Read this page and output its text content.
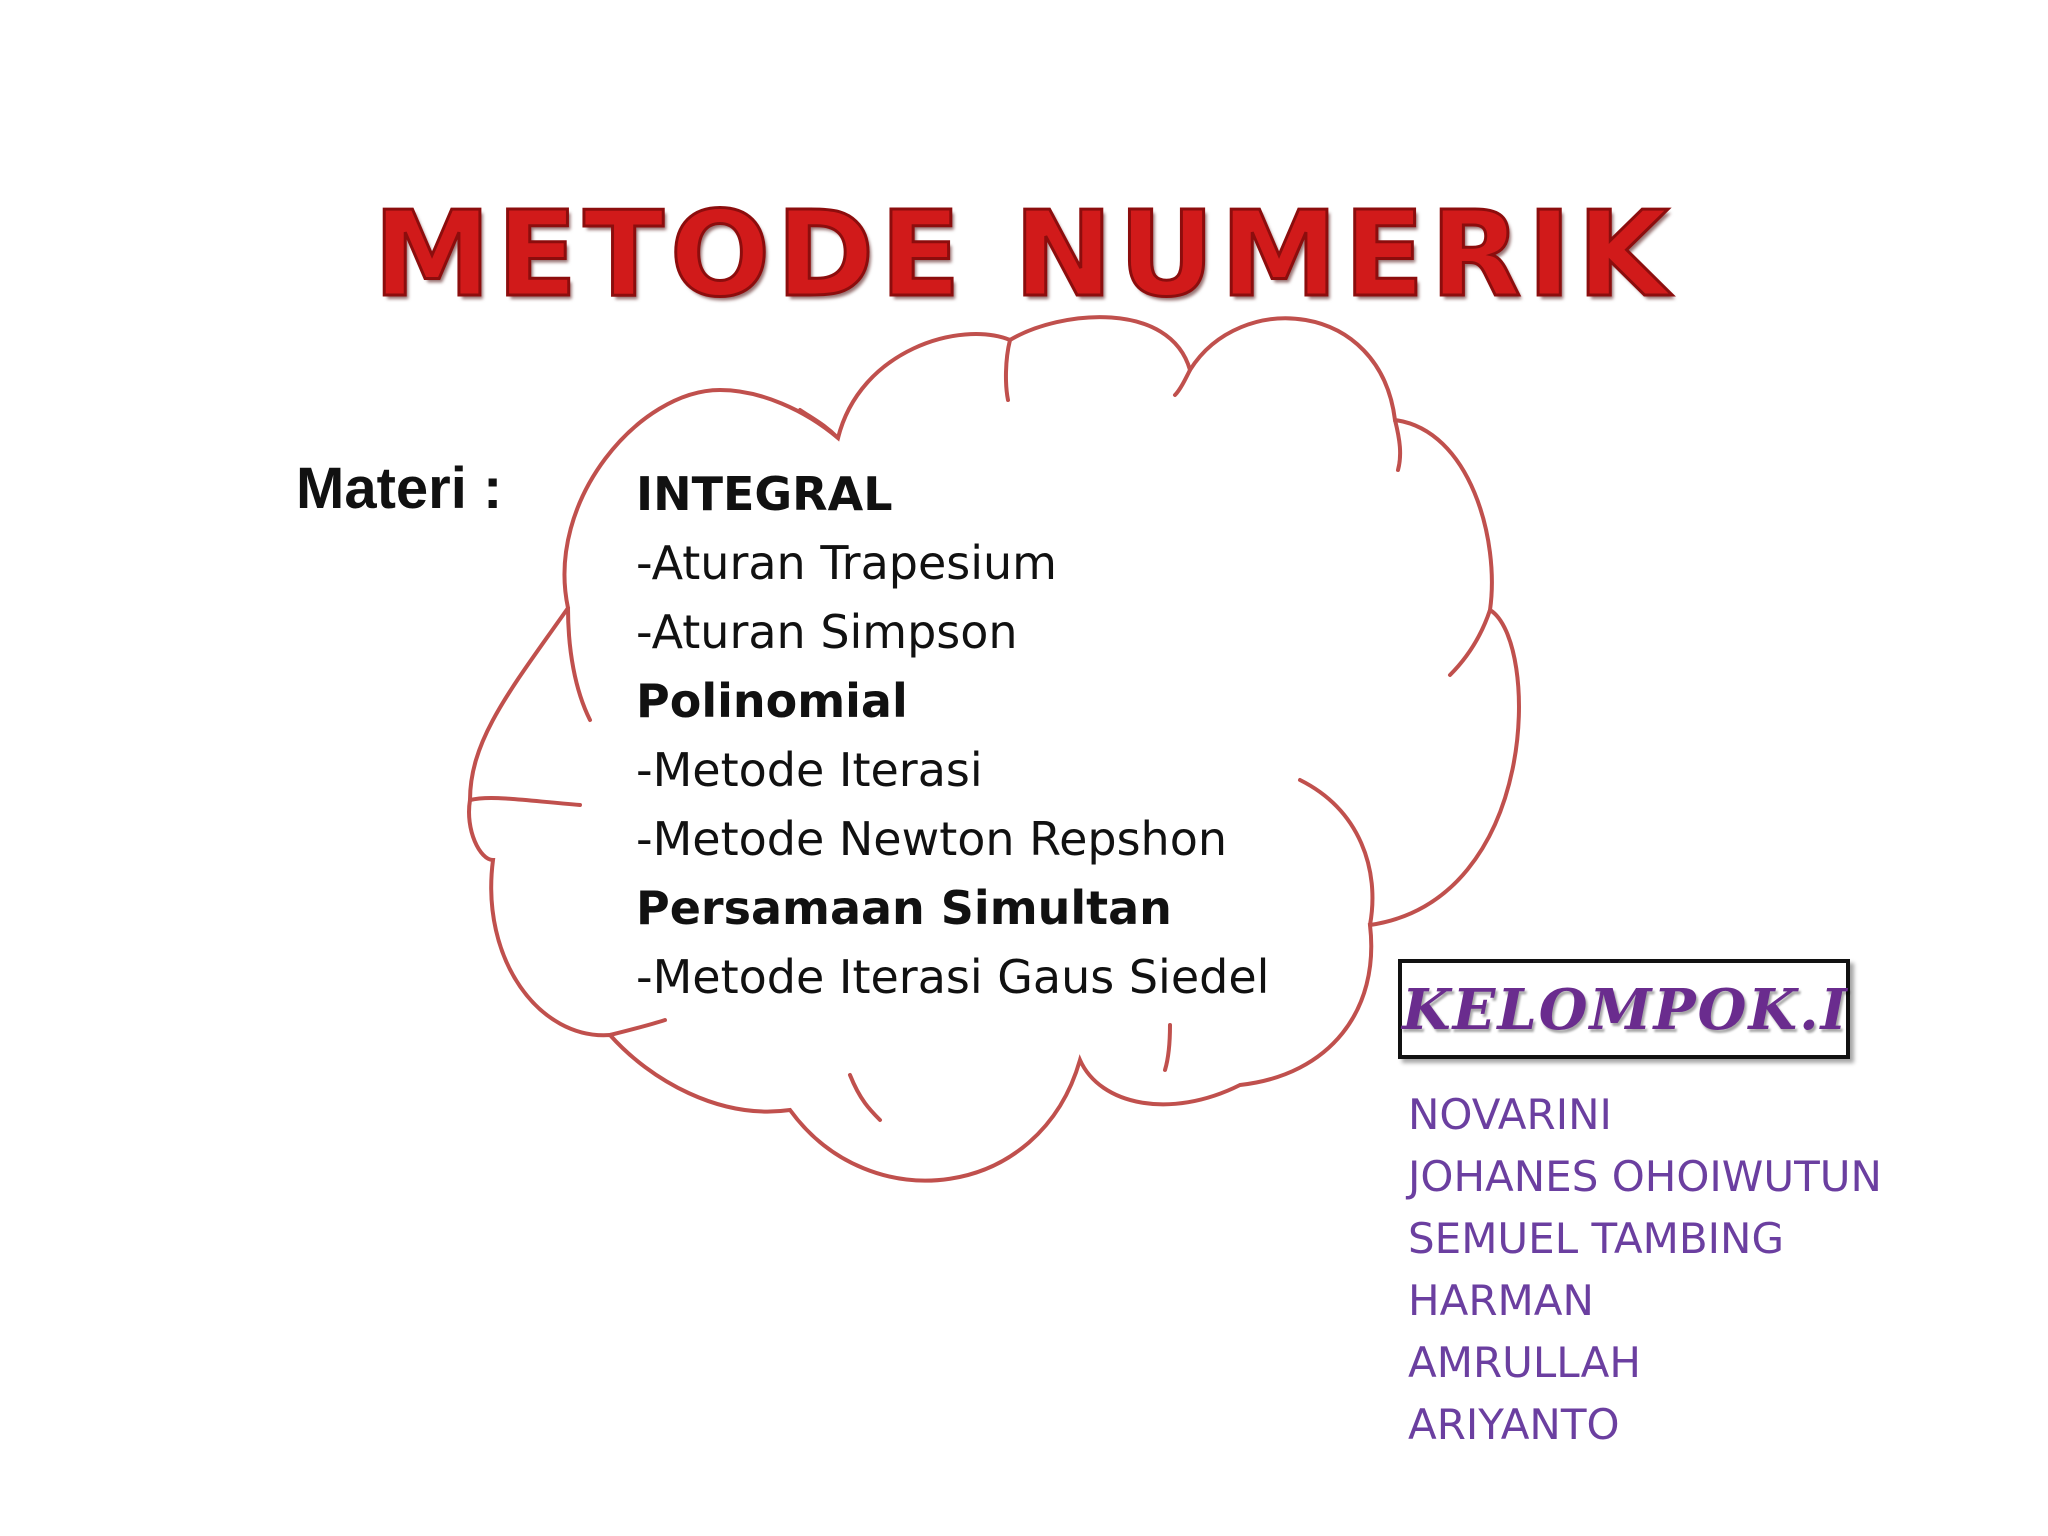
METODE NUMERIK
Materi :	INTEGRAL
-Aturan Trapesium
-Aturan Simpson
Polinomial
-Metode Iterasi
-Metode Newton Repshon
Persamaan Simultan
-Metode Iterasi Gaus Siedel KELOMPOK.I
NOVARINI
JOHANES OHOIWUTUN
SEMUEL TAMBING
HARMAN
AMRULLAH
ARIYANTO
